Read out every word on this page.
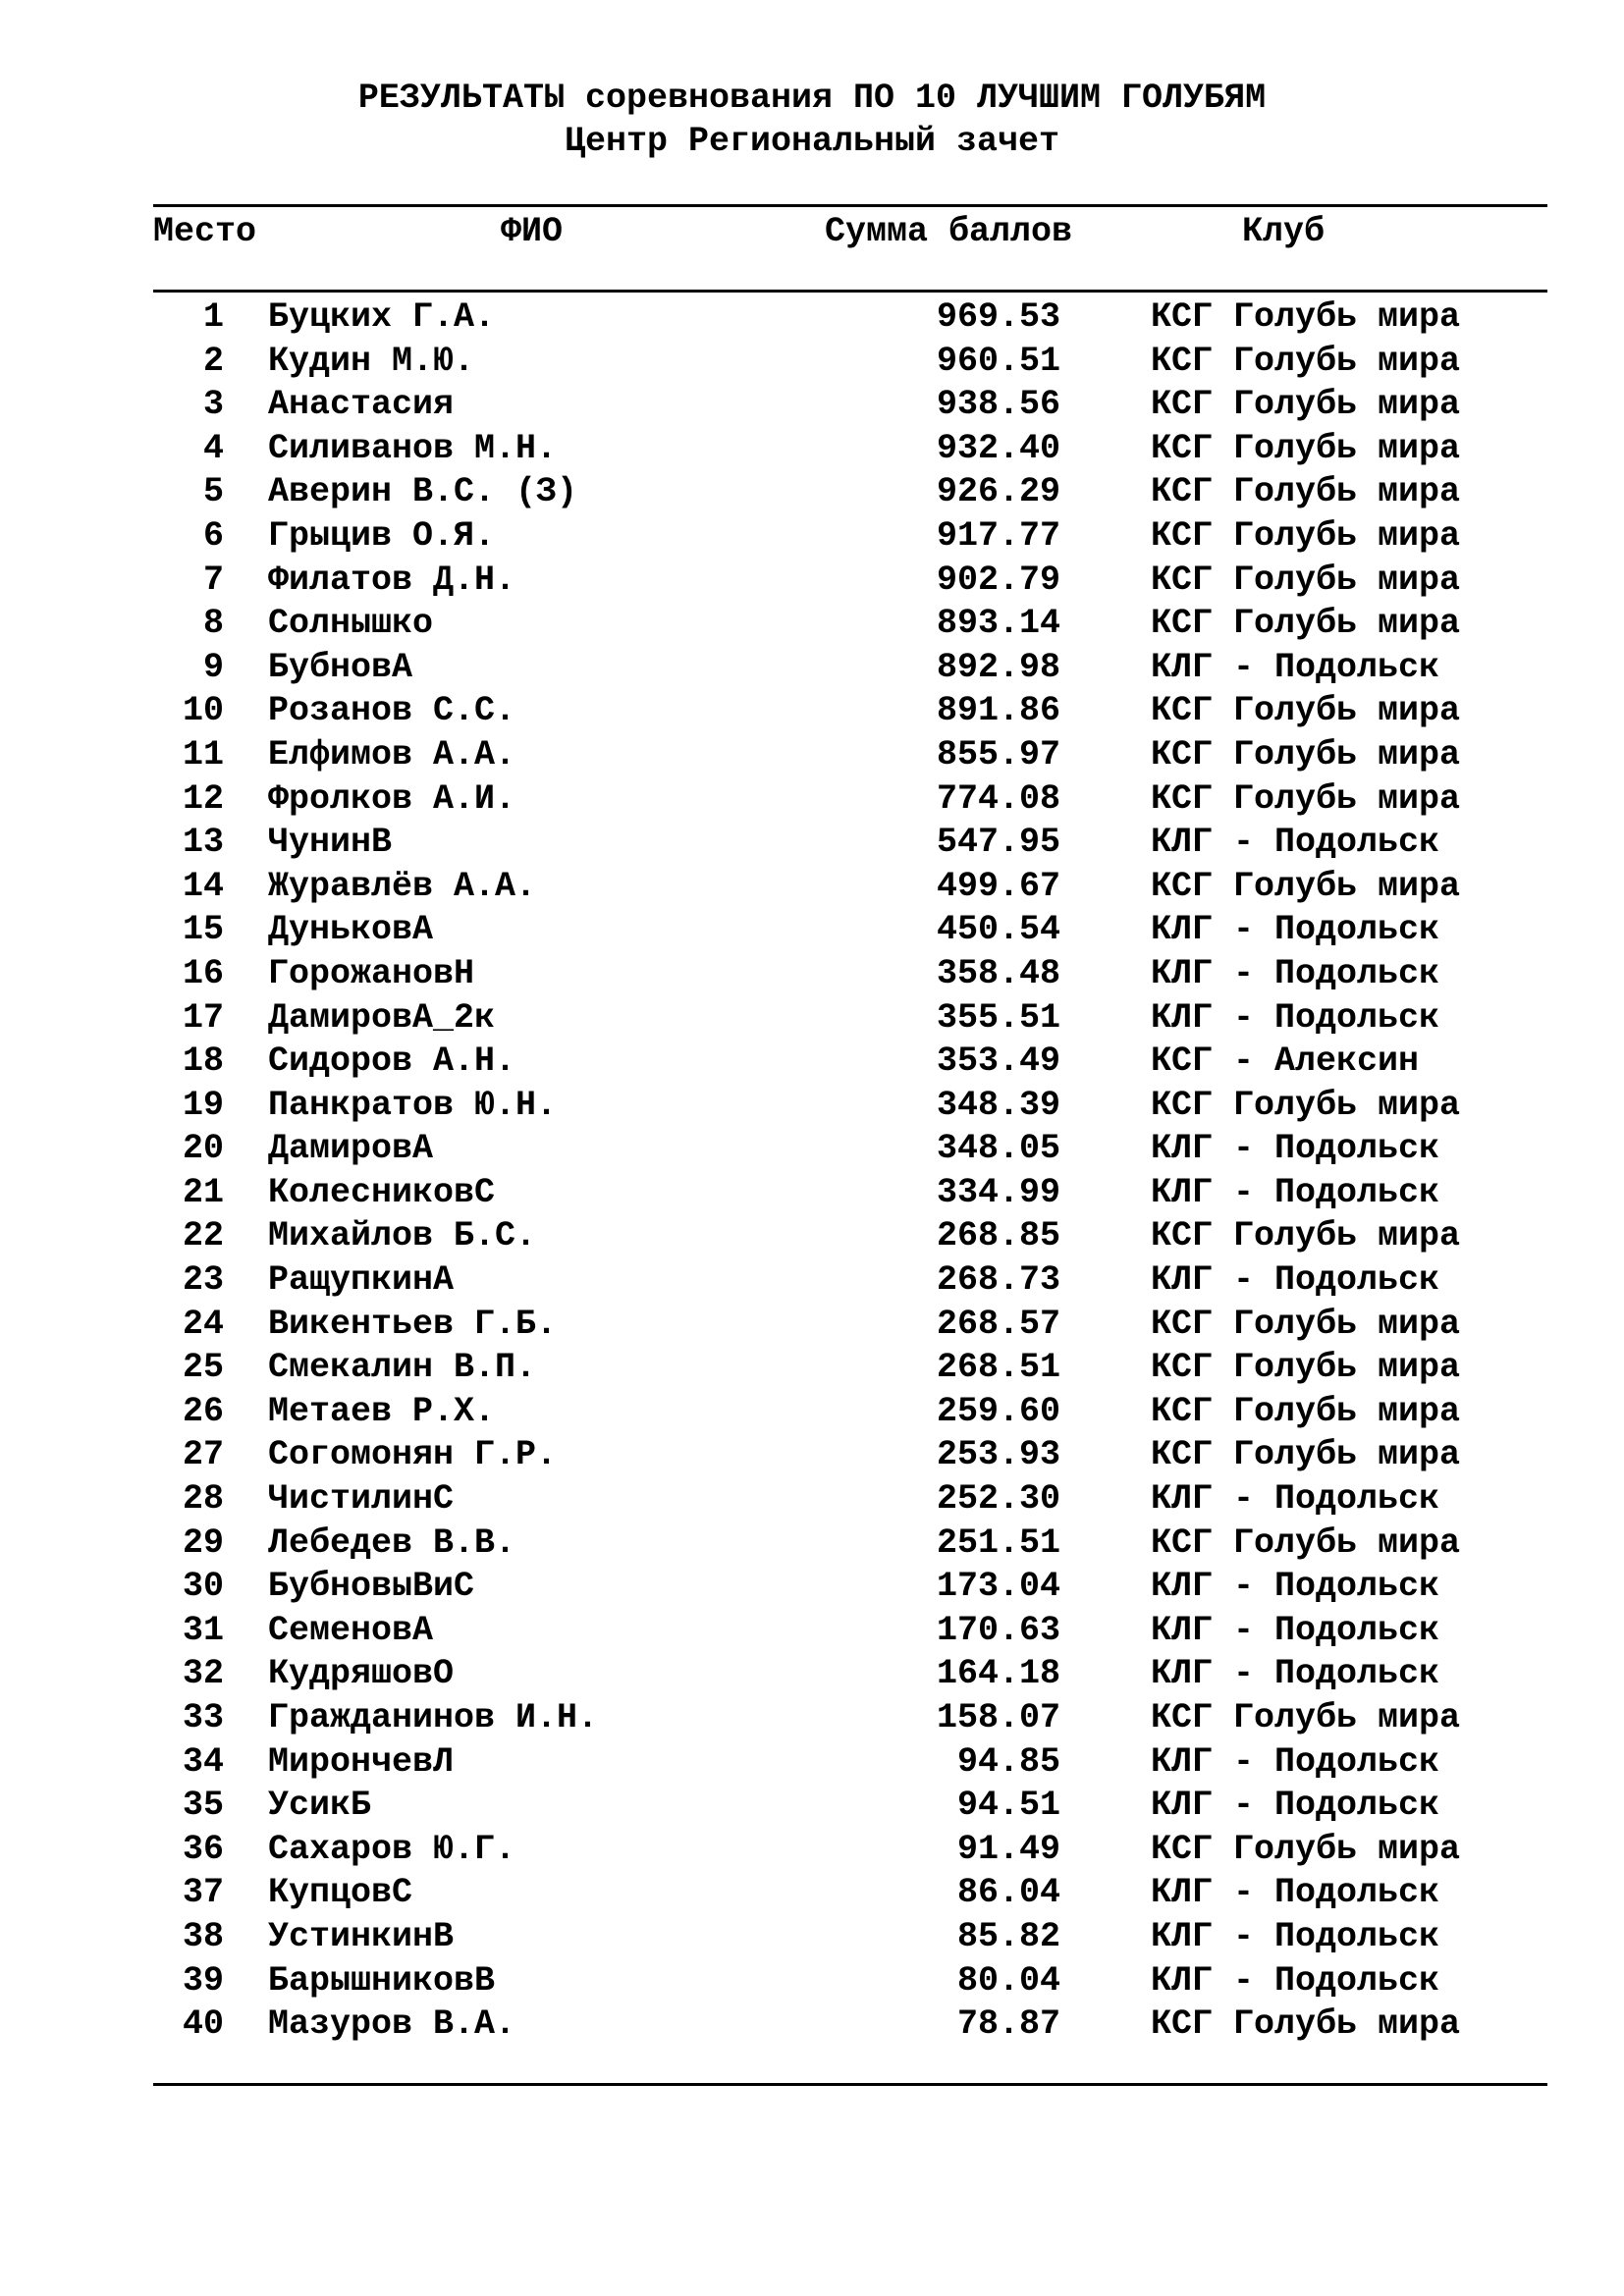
РЕЗУЛЬТАТЫ соревнования ПО 10 ЛУЧШИМ ГОЛУБЯМ
Центр Региональный зачет
Место	ФИО	Сумма баллов	Клуб
1 Буцких Г.А.	969.53	КСГ Голубь мира
2 Кудин М.Ю.	960.51	КСГ Голубь мира
3 Анастасия	938.56	КСГ Голубь мира
4 Силиванов М.Н.	932.40	КСГ Голубь мира
5 Аверин В.С. (З)	926.29	КСГ Голубь мира
6 Грыцив О.Я.	917.77	КСГ Голубь мира
7 Филатов Д.Н.	902.79	КСГ Голубь мира
8 Солнышко	893.14	КСГ Голубь мира
9 БубновА	892.98	КЛГ - Подольск
10 Розанов С.С.	891.86	КСГ Голубь мира
11 Елфимов А.А.	855.97	КСГ Голубь мира
12 Фролков А.И.	774.08	КСГ Голубь мира
13 ЧунинВ	547.95	КЛГ - Подольск
14 Журавлёв А.А.	499.67	КСГ Голубь мира
15 ДуньковА	450.54	КЛГ - Подольск
16 ГорожановН	358.48	КЛГ - Подольск
17 ДамировА_2к	355.51	КЛГ - Подольск
18 Сидоров А.Н.	353.49	КСГ - Алексин
19 Панкратов Ю.Н.	348.39	КСГ Голубь мира
20 ДамировА	348.05	КЛГ - Подольск
21 КолесниковС	334.99	КЛГ - Подольск
22 Михайлов Б.С.	268.85	КСГ Голубь мира
23 РащупкинА	268.73	КЛГ - Подольск
24 Викентьев Г.Б.	268.57	КСГ Голубь мира
25 Смекалин В.П.	268.51	КСГ Голубь мира
26 Метаев Р.Х.	259.60	КСГ Голубь мира
27 Согомонян Г.Р.	253.93	КСГ Голубь мира
28 ЧистилинС	252.30	КЛГ - Подольск
29 Лебедев В.В.	251.51	КСГ Голубь мира
30 БубновыВиС	173.04	КЛГ - Подольск
31 СеменовА	170.63	КЛГ - Подольск
32 КудряшовО	164.18	КЛГ - Подольск
33 Гражданинов И.Н.	158.07	КСГ Голубь мира
34 МирончевЛ	94.85	КЛГ - Подольск
35 УсикБ	94.51	КЛГ - Подольск
36 Сахаров Ю.Г.	91.49	КСГ Голубь мира
37 КупцовС	86.04	КЛГ - Подольск
38 УстинкинВ	85.82	КЛГ - Подольск
39 БарышниковВ	80.04	КЛГ - Подольск
40 Мазуров В.А.	78.87	КСГ Голубь мира
